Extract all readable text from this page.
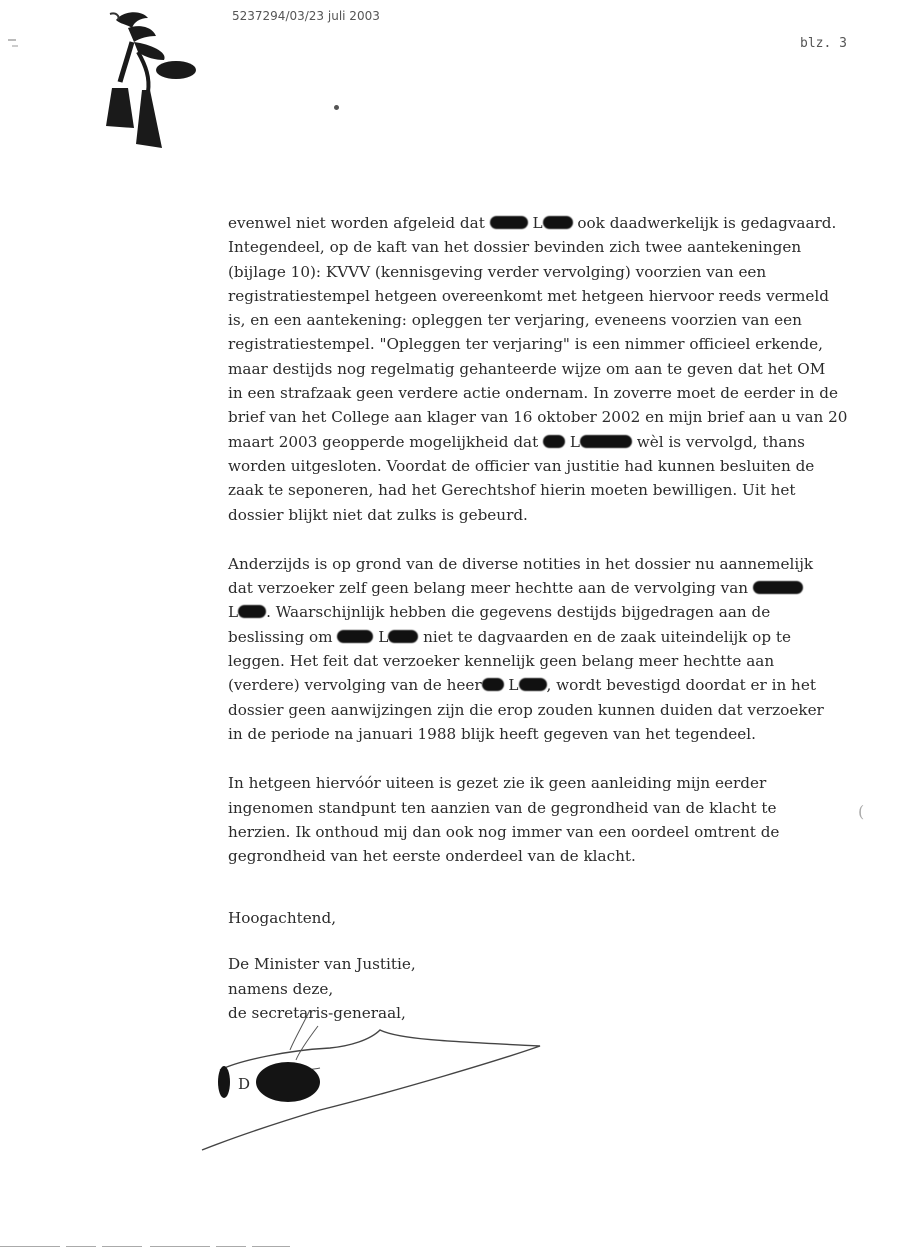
5237294/03/23 juli 2003
blz. 3
evenwel niet worden afgeleid dat	L ook daadwerkelijk is gedagvaard.
Integendeel, op de kaft van het dossier bevinden zich twee aantekeningen
(bijlage 10): KVVV (kennisgeving verder vervolging) voorzien van een
registratiestempel hetgeen overeenkomt met hetgeen hiervoor reeds vermeld
is, en een aantekening: opleggen ter verjaring, eveneens voorzien van een
registratiestempel. "Opleggen ter verjaring" is een nimmer officieel erkende,
maar destijds nog regelmatig gehanteerde wijze om aan te geven dat het OM
in een strafzaak geen verdere actie ondernam. In zoverre moet de eerder in de
brief van het College aan klager van 16 oktober 2002 en mijn brief aan u van 20
maart 2003 geopperde mogelijkheid dat  L	wèl is vervolgd, thans
worden uitgesloten. Voordat de officier van justitie had kunnen besluiten de
zaak te seponeren, had het Gerechtshof hierin moeten bewilligen. Uit het
dossier blijkt niet dat zulks is gebeurd.
Anderzijds is op grond van de diverse notities in het dossier nu aannemelijk
dat verzoeker zelf geen belang meer hechtte aan de vervolging van
L . Waarschijnlijk hebben die gegevens destijds bijgedragen aan de
beslissing om  L niet te dagvaarden en de zaak uiteindelijk op te
leggen. Het feit dat verzoeker kennelijk geen belang meer hechtte aan
(verdere) vervolging van de heer L , wordt bevestigd doordat er in het
dossier geen aanwijzingen zijn die erop zouden kunnen duiden dat verzoeker
in de periode na januari 1988 blijk heeft gegeven van het tegendeel.
In hetgeen hiervóór uiteen is gezet zie ik geen aanleiding mijn eerder
ingenomen standpunt ten aanzien van de gegrondheid van de klacht te
herzien. Ik onthoud mij dan ook nog immer van een oordeel omtrent de
gegrondheid van het eerste onderdeel van de klacht.
Hoogachtend,
De Minister van Justitie,
namens deze,
de secretaris-generaal,
D
(
